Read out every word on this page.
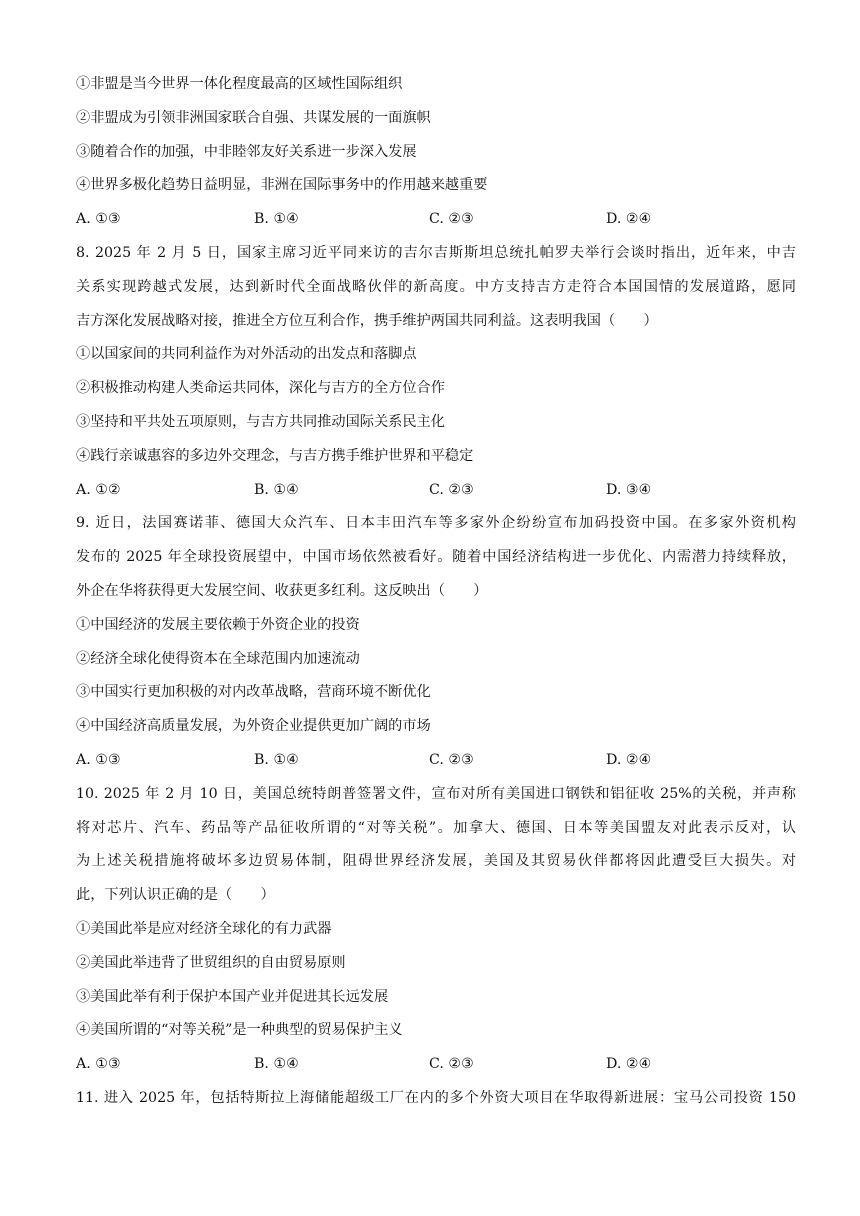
①非盟是当今世界一体化程度最高的区域性国际组织
②非盟成为引领非洲国家联合自强、共谋发展的一面旗帜
③随着合作的加强，中非睦邻友好关系进一步深入发展
④世界多极化趋势日益明显，非洲在国际事务中的作用越来越重要
A. ①③	B. ①④	C. ②③	D. ②④
8. 2025 年 2 月 5 日，国家主席习近平同来访的吉尔吉斯斯坦总统扎帕罗夫举行会谈时指出，近年来，中吉
关系实现跨越式发展，达到新时代全面战略伙伴的新高度。中方支持吉方走符合本国国情的发展道路，愿同
吉方深化发展战略对接，推进全方位互利合作，携手维护两国共同利益。这表明我国（　　）
①以国家间的共同利益作为对外活动的出发点和落脚点
②积极推动构建人类命运共同体，深化与吉方的全方位合作
③坚持和平共处五项原则，与吉方共同推动国际关系民主化
④践行亲诚惠容的多边外交理念，与吉方携手维护世界和平稳定
A. ①②	B. ①④	C. ②③	D. ③④
9. 近日，法国赛诺菲、德国大众汽车、日本丰田汽车等多家外企纷纷宣布加码投资中国。在多家外资机构
发布的 2025 年全球投资展望中，中国市场依然被看好。随着中国经济结构进一步优化、内需潜力持续释放，
外企在华将获得更大发展空间、收获更多红利。这反映出（　　）
①中国经济的发展主要依赖于外资企业的投资
②经济全球化使得资本在全球范围内加速流动
③中国实行更加积极的对内改革战略，营商环境不断优化
④中国经济高质量发展，为外资企业提供更加广阔的市场
A. ①③	B. ①④	C. ②③	D. ②④
10. 2025 年 2 月 10 日，美国总统特朗普签署文件，宣布对所有美国进口钢铁和铝征收 25%的关税，并声称
将对芯片、汽车、药品等产品征收所谓的“对等关税”。加拿大、德国、日本等美国盟友对此表示反对，认
为上述关税措施将破坏多边贸易体制，阻碍世界经济发展，美国及其贸易伙伴都将因此遭受巨大损失。对
此，下列认识正确的是（　　）
①美国此举是应对经济全球化的有力武器
②美国此举违背了世贸组织的自由贸易原则
③美国此举有利于保护本国产业并促进其长远发展
④美国所谓的“对等关税”是一种典型的贸易保护主义
A. ①③	B. ①④	C. ②③	D. ②④
11. 进入 2025 年，包括特斯拉上海储能超级工厂在内的多个外资大项目在华取得新进展：宝马公司投资 150
